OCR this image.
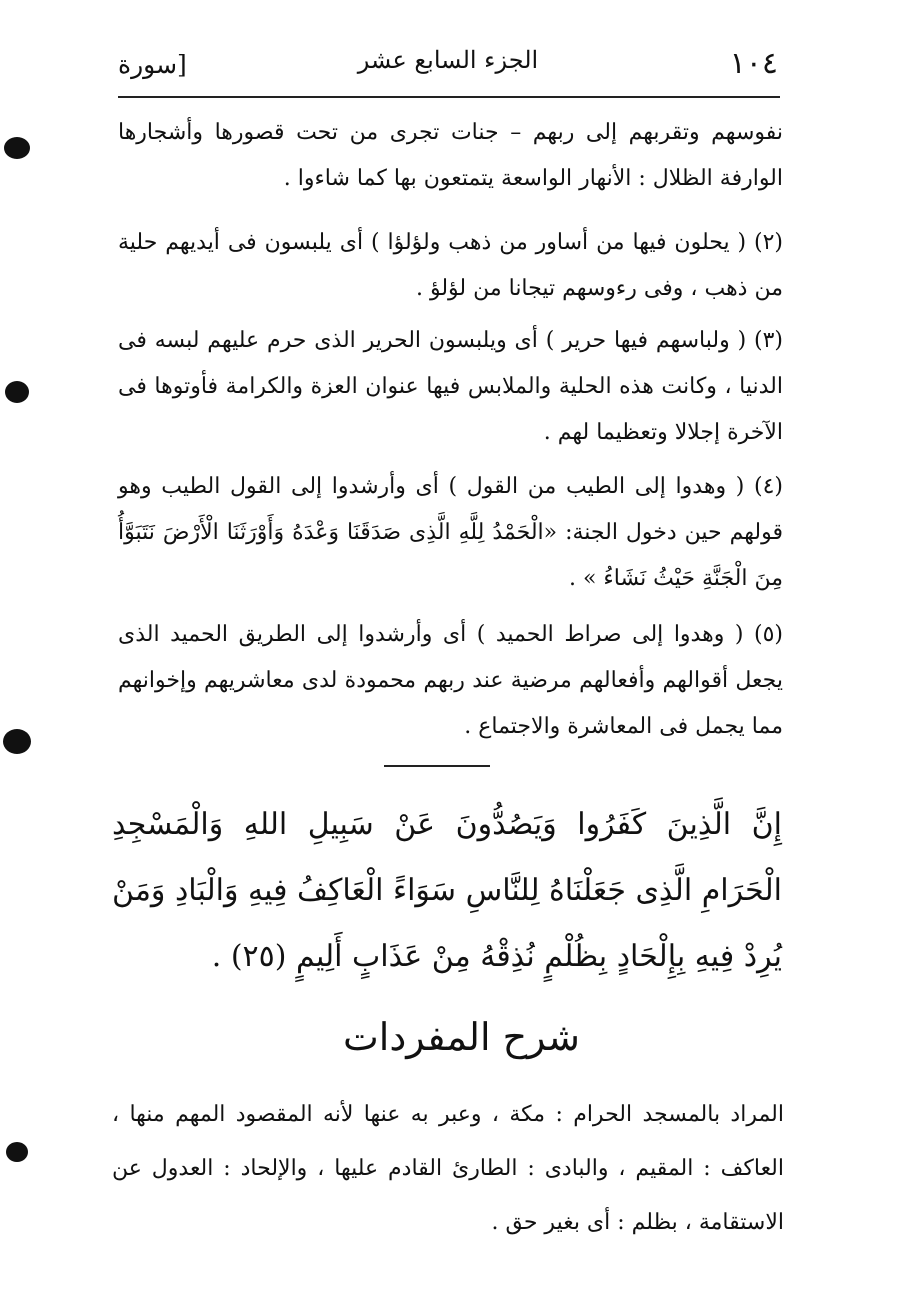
١٠٤
الجزء السابع عشر
[سورة

نفوسهم وتقربهم إلى ربهم – جنات تجرى من تحت قصورها وأشجارها الوارفة الظلال : الأنهار الواسعة يتمتعون بها كما شاءوا .

(٢) ( يحلون فيها من أساور من ذهب ولؤلؤا ) أى يلبسون فى أيديهم حلية من ذهب ، وفى رءوسهم تيجانا من لؤلؤ .

(٣) ( ولباسهم فيها حرير ) أى ويلبسون الحرير الذى حرم عليهم لبسه فى الدنيا ، وكانت هذه الحلية والملابس فيها عنوان العزة والكرامة فأوتوها فى الآخرة إجلالا وتعظيما لهم .

(٤) ( وهدوا إلى الطيب من القول ) أى وأرشدوا إلى القول الطيب وهو قولهم حين دخول الجنة: «الْحَمْدُ لِلَّهِ الَّذِى صَدَقَنَا وَعْدَهُ وَأَوْرَثَنَا الْأَرْضَ نَتَبَوَّأُ مِنَ الْجَنَّةِ حَيْثُ نَشَاءُ » .

(٥) ( وهدوا إلى صراط الحميد ) أى وأرشدوا إلى الطريق الحميد الذى يجعل أقوالهم وأفعالهم مرضية عند ربهم محمودة لدى معاشريهم وإخوانهم مما يجمل فى المعاشرة والاجتماع .

إِنَّ الَّذِينَ كَفَرُوا وَيَصُدُّونَ عَنْ سَبِيلِ اللهِ وَالْمَسْجِدِ الْحَرَامِ الَّذِى جَعَلْنَاهُ لِلنَّاسِ سَوَاءً الْعَاكِفُ فِيهِ وَالْبَادِ وَمَنْ يُرِدْ فِيهِ بِإِلْحَادٍ بِظُلْمٍ نُذِقْهُ مِنْ عَذَابٍ أَلِيمٍ (٢٥) .
شرح المفردات
المراد بالمسجد الحرام : مكة ، وعبر به عنها لأنه المقصود المهم منها ، العاكف : المقيم ، والبادى : الطارئ القادم عليها ، والإلحاد : العدول عن الاستقامة ، بظلم : أى بغير حق .
